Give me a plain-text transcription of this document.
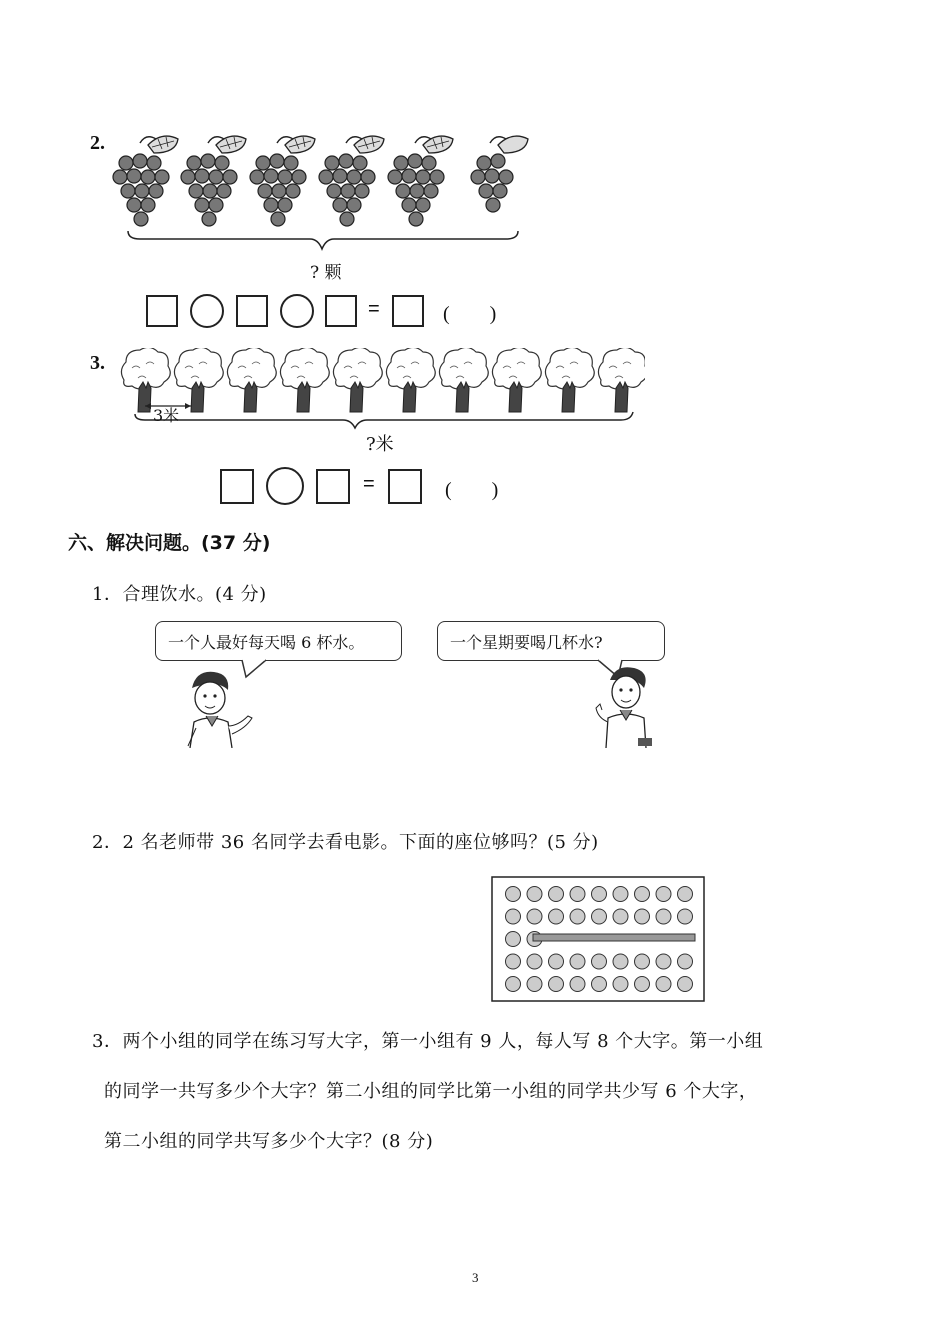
2.
? 颗
=	(　　)
3.
3米
?米
=	(　　)
六、解决问题。(37 分)
1．合理饮水。(4 分)
一个人最好每天喝 6 杯水。	一个星期要喝几杯水?
2．2 名老师带 36 名同学去看电影。下面的座位够吗？(5 分)
3．两个小组的同学在练习写大字，第一小组有 9 人，每人写 8 个大字。第一小组
的同学一共写多少个大字？第二小组的同学比第一小组的同学共少写 6 个大字，
第二小组的同学共写多少个大字？(8 分)
3
